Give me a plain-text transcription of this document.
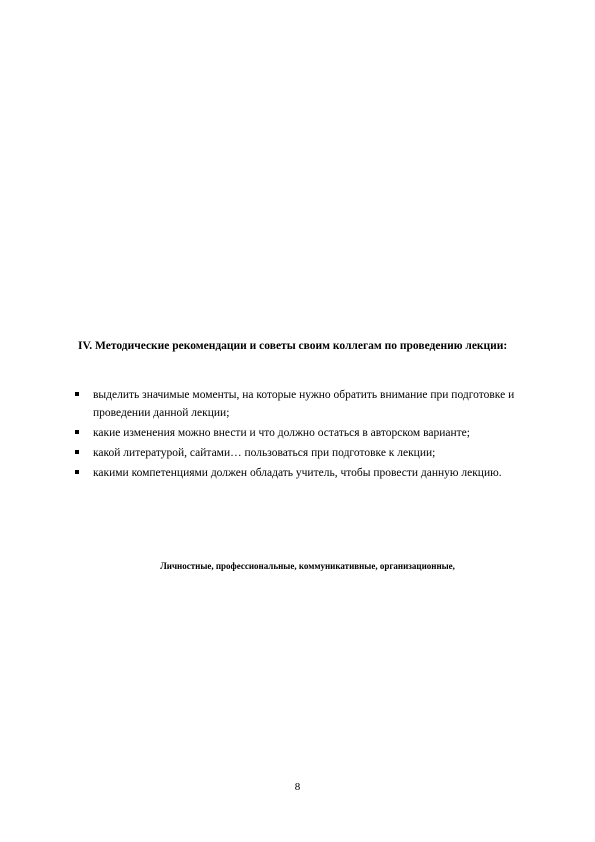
IV. Методические рекомендации и советы своим коллегам по проведению лекции:
выделить значимые моменты, на которые нужно обратить внимание при подготовке и проведении данной лекции;
какие изменения можно внести и что должно остаться в авторском варианте;
какой литературой, сайтами… пользоваться при подготовке к лекции;
какими компетенциями должен обладать учитель, чтобы провести данную лекцию.
Личностные, профессиональные, коммуникативные, организационные,
8
